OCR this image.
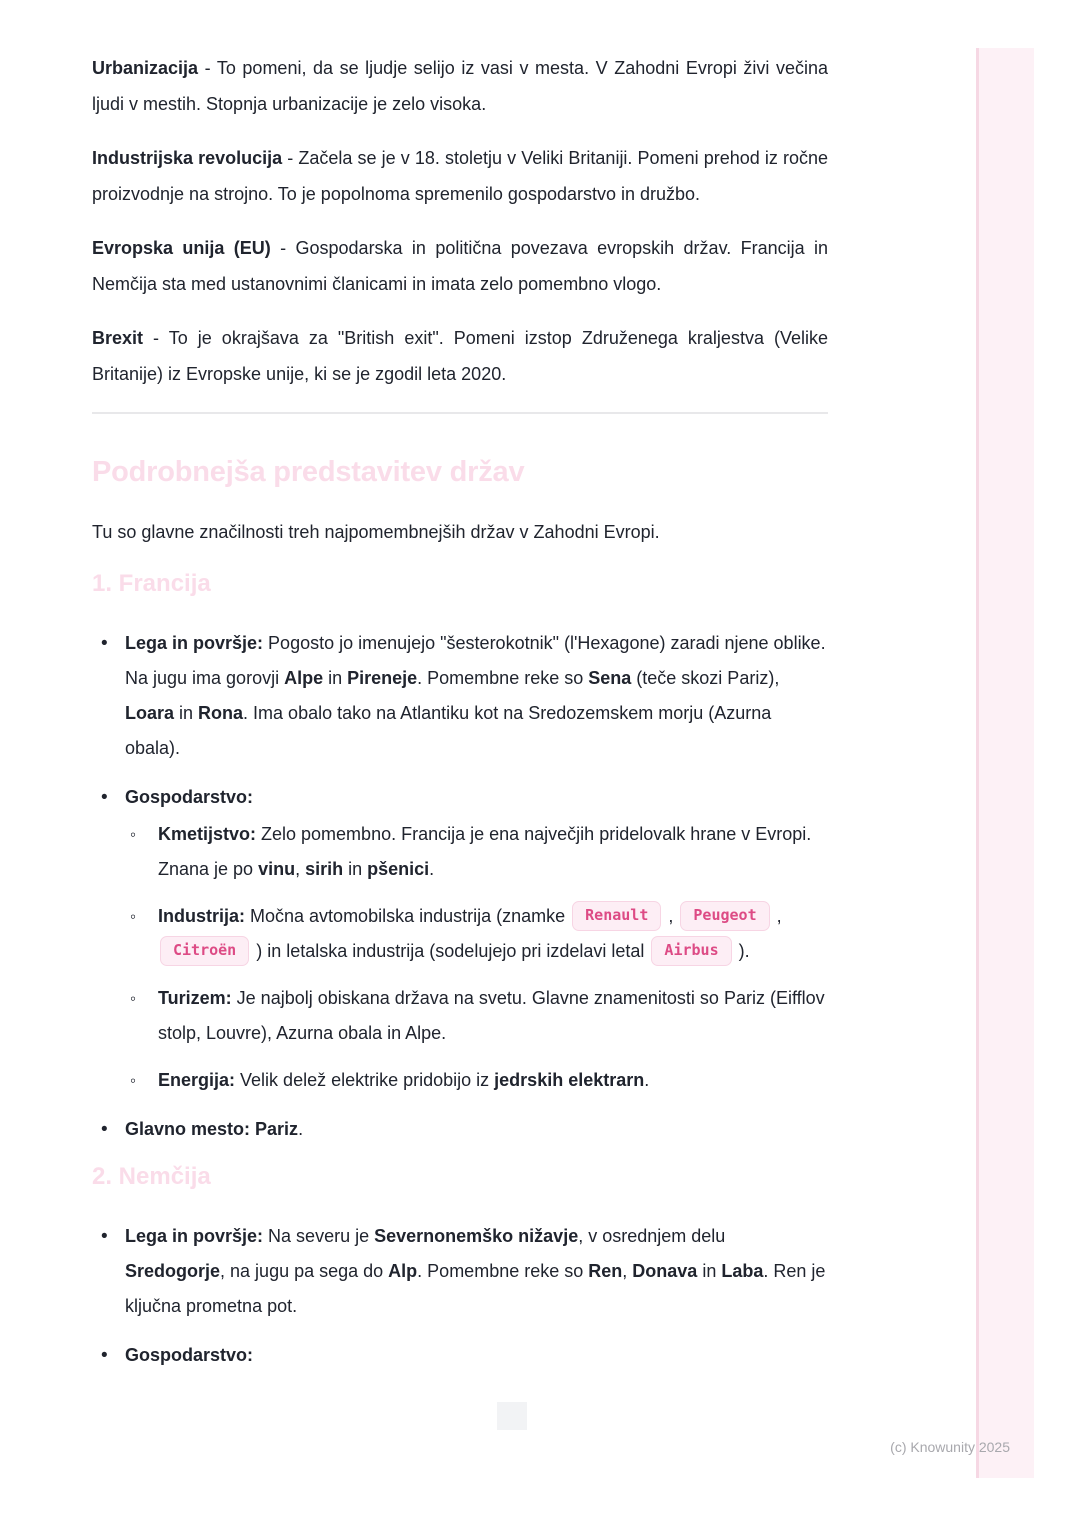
Urbanizacija - To pomeni, da se ljudje selijo iz vasi v mesta. V Zahodni Evropi živi večina ljudi v mestih. Stopnja urbanizacije je zelo visoka.

Industrijska revolucija - Začela se je v 18. stoletju v Veliki Britaniji. Pomeni prehod iz ročne proizvodnje na strojno. To je popolnoma spremenilo gospodarstvo in družbo.

Evropska unija (EU) - Gospodarska in politična povezava evropskih držav. Francija in Nemčija sta med ustanovnimi članicami in imata zelo pomembno vlogo.

Brexit - To je okrajšava za "British exit". Pomeni izstop Združenega kraljestva (Velike Britanije) iz Evropske unije, ki se je zgodil leta 2020.

Podrobnejša predstavitev držav

Tu so glavne značilnosti treh najpomembnejših držav v Zahodni Evropi.

1. Francija
• Lega in površje: Pogosto jo imenujejo "šesterokotnik" (l'Hexagone) zaradi njene oblike. Na jugu ima gorovji Alpe in Pireneje. Pomembne reke so Sena (teče skozi Pariz), Loara in Rona. Ima obalo tako na Atlantiku kot na Sredozemskem morju (Azurna obala).
• Gospodarstvo:
◦ Kmetijstvo: Zelo pomembno. Francija je ena največjih pridelovalk hrane v Evropi. Znana je po vinu, sirih in pšenici.
◦ Industrija: Močna avtomobilska industrija (znamke Renault , Peugeot , Citroën ) in letalska industrija (sodelujejo pri izdelavi letal Airbus ).
◦ Turizem: Je najbolj obiskana država na svetu. Glavne znamenitosti so Pariz (Eifflov stolp, Louvre), Azurna obala in Alpe.
◦ Energija: Velik delež elektrike pridobijo iz jedrskih elektrarn.
• Glavno mesto: Pariz.
2. Nemčija
• Lega in površje: Na severu je Severnonemško nižavje, v osrednjem delu Sredogorje, na jugu pa sega do Alp. Pomembne reke so Ren, Donava in Laba. Ren je ključna prometna pot.
• Gospodarstvo:
(c) Knowunity 2025
